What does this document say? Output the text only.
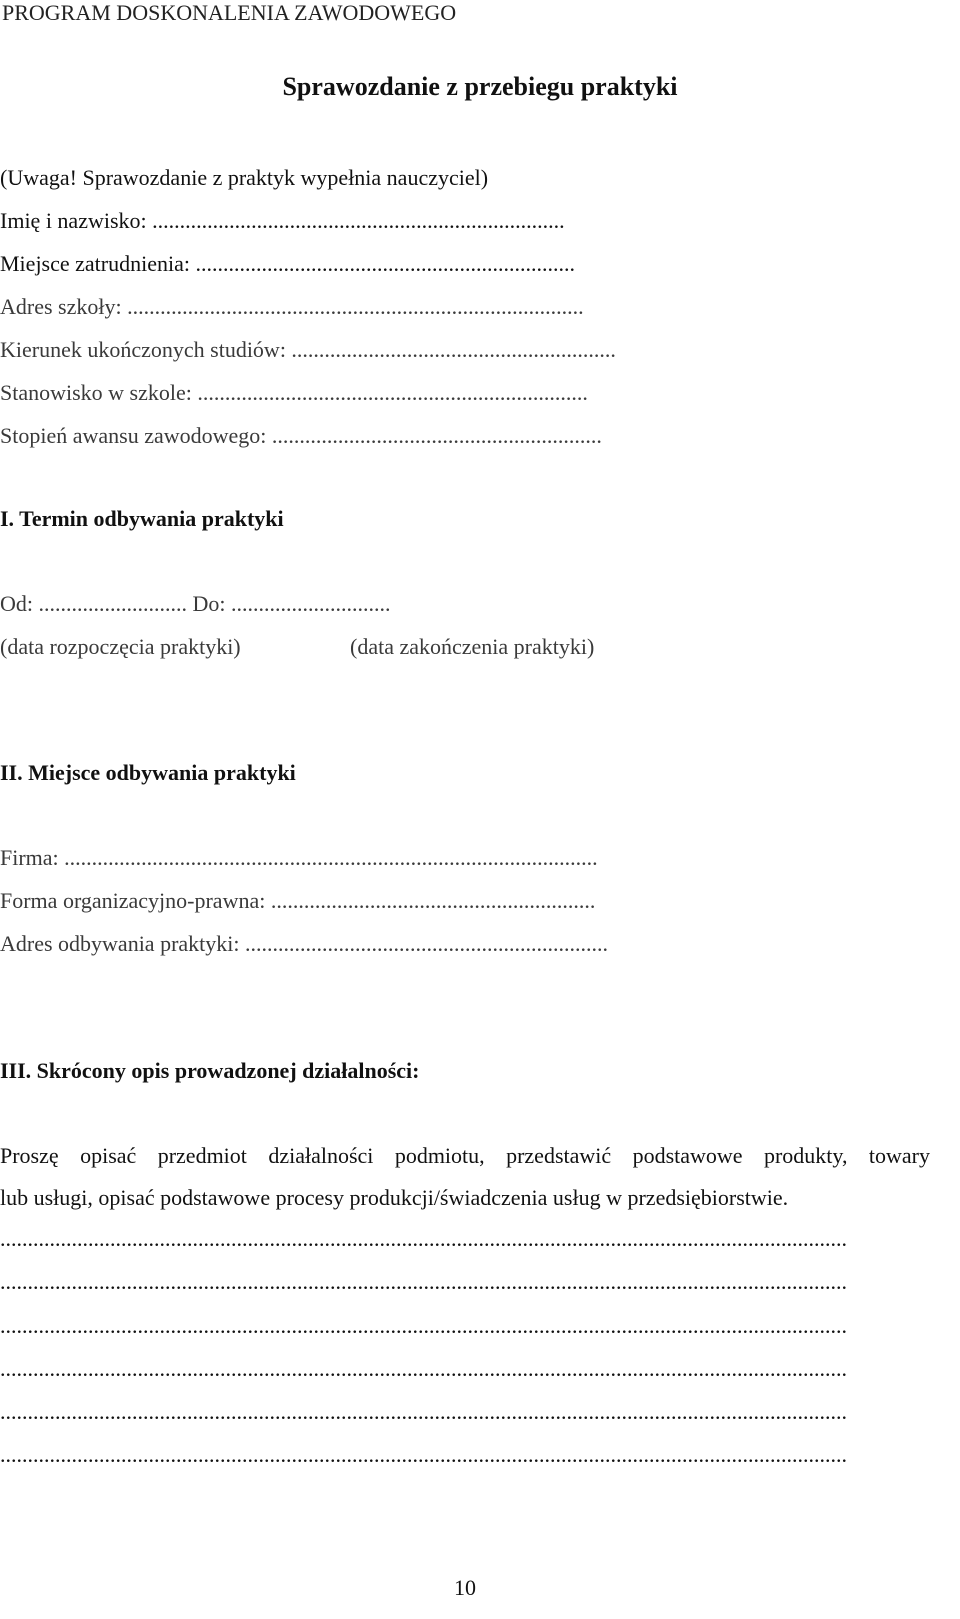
PROGRAM DOSKONALENIA ZAWODOWEGO
Sprawozdanie z przebiegu praktyki
(Uwaga! Sprawozdanie z praktyk wypełnia nauczyciel)
Imię i nazwisko: ...........................................................................
Miejsce zatrudnienia: .....................................................................
Adres szkoły: ...................................................................................
Kierunek ukończonych studiów: ...........................................................
Stanowisko w szkole: .......................................................................
Stopień awansu zawodowego: ............................................................
I. Termin odbywania praktyki
Od: ........................... Do: .............................
(data rozpoczęcia praktyki)	(data zakończenia praktyki)
II. Miejsce odbywania praktyki
Firma: .................................................................................................
Forma organizacyjno-prawna: ...........................................................
Adres odbywania praktyki: ..................................................................
III. Skrócony opis prowadzonej działalności:
Proszę opisać przedmiot działalności podmiotu, przedstawić podstawowe produkty, towary
lub usługi, opisać podstawowe procesy produkcji/świadczenia usług w przedsiębiorstwie.
..........................................................................................................................................................
..........................................................................................................................................................
..........................................................................................................................................................
..........................................................................................................................................................
..........................................................................................................................................................
..........................................................................................................................................................
10
